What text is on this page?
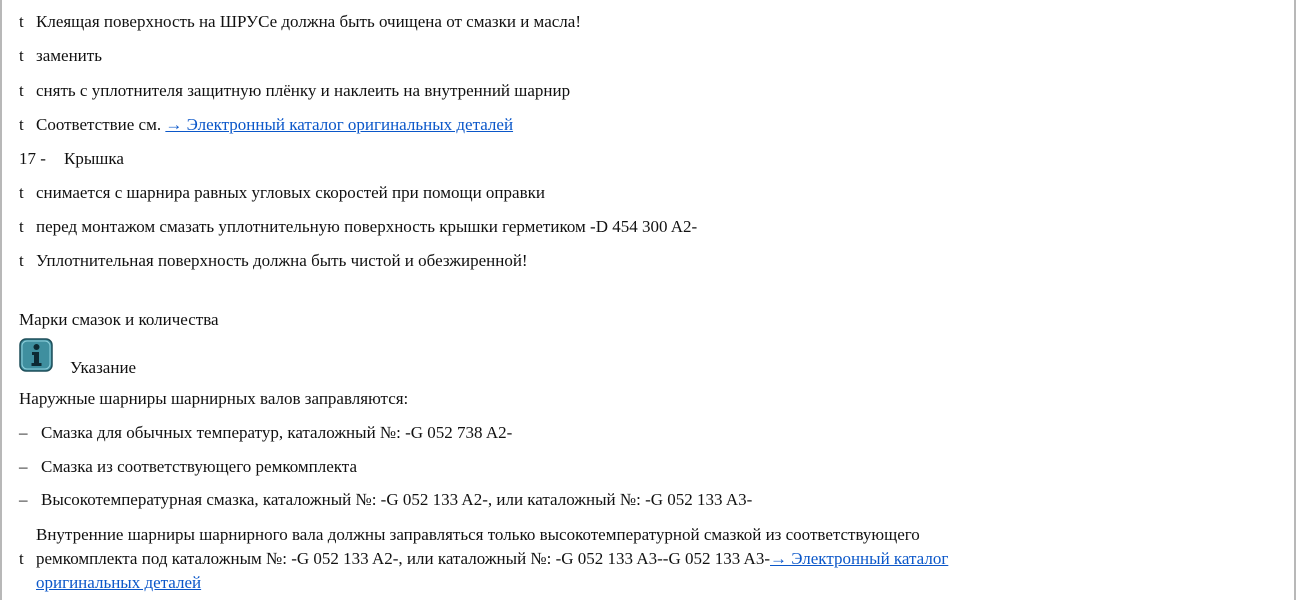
t Клеящая поверхность на ШРУСе должна быть очищена от смазки и масла!
t заменить
t снять с уплотнителя защитную плёнку и наклеить на внутренний шарнир
t Соответствие см. → Электронный каталог оригинальных деталей
17 - Крышка
t снимается с шарнира равных угловых скоростей при помощи оправки
t перед монтажом смазать уплотнительную поверхность крышки герметиком -D 454 300 A2-
t Уплотнительная поверхность должна быть чистой и обезжиренной!
Марки смазок и количества
Указание
Наружные шарниры шарнирных валов заправляются:
– Смазка для обычных температур, каталожный №: -G 052 738 A2-
– Смазка из соответствующего ремкомплекта
– Высокотемпературная смазка, каталожный №: -G 052 133 A2-, или каталожный №: -G 052 133 A3-
t
Внутренние шарниры шарнирного вала должны заправляться только высокотемпературной смазкой из соответствующего
ремкомплекта под каталожным №: -G 052 133 A2-, или каталожный №: -G 052 133 A3--G 052 133 A3-→ Электронный каталог
оригинальных деталей
